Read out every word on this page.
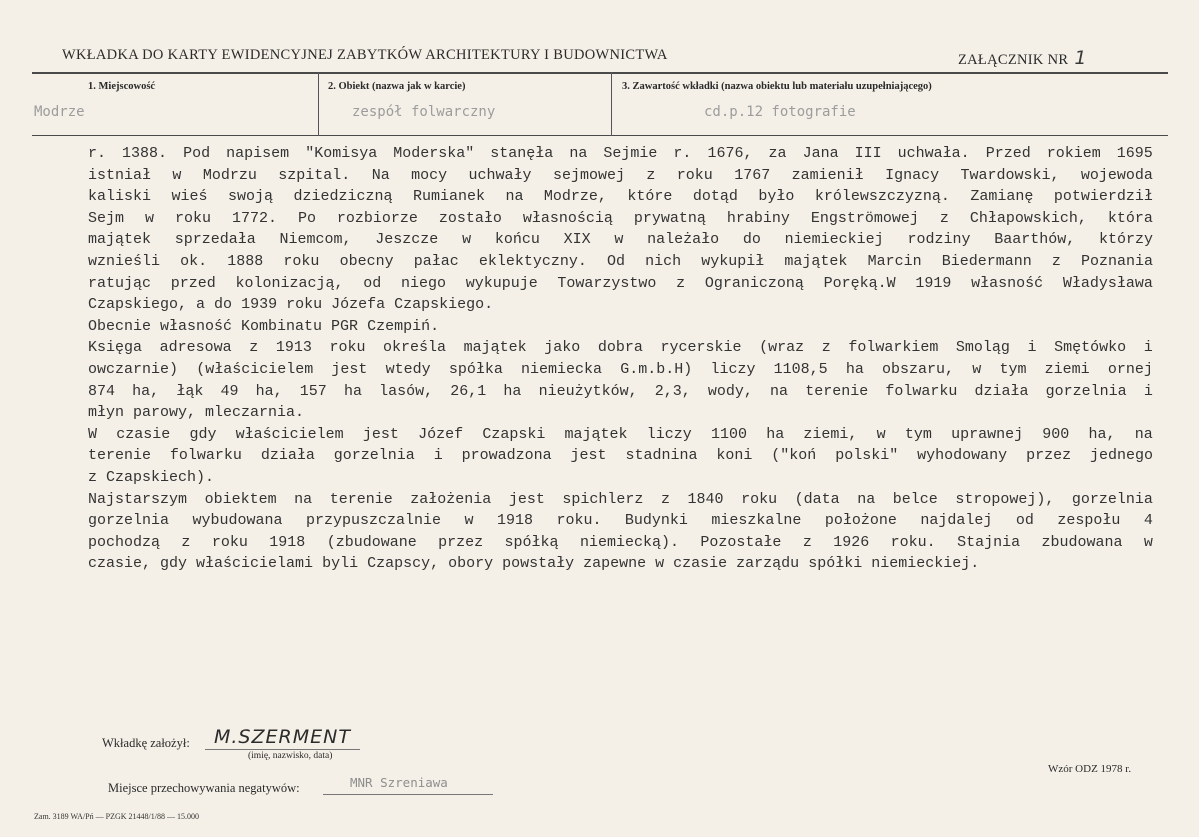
WKŁADKA DO KARTY EWIDENCYJNEJ ZABYTKÓW ARCHITEKTURY I BUDOWNICTWA	ZAŁĄCZNIK NR 1
1. Miejscowość	2. Obiekt (nazwa jak w karcie)	3. Zawartość wkładki (nazwa obiektu lub materiału uzupełniającego)
Modrze	zespół folwarczny	cd.p.12 fotografie
r. 1388. Pod napisem "Komisya Moderska" stanęła na Sejmie r. 1676, za Jana III uchwała. Przed rokiem 1695
istniał w Modrzu szpital. Na mocy uchwały sejmowej z roku 1767 zamienił Ignacy Twardowski, wojewoda
kaliski wieś swoją dziedziczną Rumianek na Modrze, które dotąd było królewszczyzną. Zamianę potwierdził
Sejm w roku 1772. Po rozbiorze zostało własnością prywatną hrabiny Engströmowej z Chłapowskich, która
majątek sprzedała Niemcom, Jeszcze w końcu XIX w należało do niemieckiej rodziny Baarthów, którzy
wznieśli ok. 1888 roku obecny pałac eklektyczny. Od nich wykupił majątek Marcin Biedermann z Poznania
ratując przed kolonizacją, od niego wykupuje Towarzystwo z Ograniczoną Poręką.W 1919 własność Władysława
Czapskiego, a do 1939 roku Józefa Czapskiego.
Obecnie własność Kombinatu PGR Czempiń.
Księga adresowa z 1913 roku określa majątek jako dobra rycerskie (wraz z folwarkiem Smoląg i Smętówko i
owczarnie) (właścicielem jest wtedy spółka niemiecka G.m.b.H) liczy 1108,5 ha obszaru, w tym ziemi ornej
874 ha, łąk 49 ha, 157 ha lasów, 26,1 ha nieużytków, 2,3, wody, na terenie folwarku działa gorzelnia i
młyn parowy, mleczarnia.
W czasie gdy właścicielem jest Józef Czapski majątek liczy 1100 ha ziemi, w tym uprawnej 900 ha, na
terenie folwarku działa gorzelnia i prowadzona jest stadnina koni ("koń polski" wyhodowany przez jednego
z Czapskiech).
Najstarszym obiektem na terenie założenia jest spichlerz z 1840 roku (data na belce stropowej), gorzelnia
gorzelnia wybudowana przypuszczalnie w 1918 roku. Budynki mieszkalne położone najdalej od zespołu 4
pochodzą z roku 1918 (zbudowane przez spółką niemiecką). Pozostałe z 1926 roku. Stajnia zbudowana w
czasie, gdy właścicielami byli Czapscy, obory powstały zapewne w czasie zarządu spółki niemieckiej.
Wkładkę założył: M.SZERMENT
(imię, nazwisko, data)
Miejsce przechowywania negatywów:	MNR Szreniawa
Wzór ODZ 1978 r.
Zam. 3189 WA/Pń — PZGK 21448/1/88 — 15.000
